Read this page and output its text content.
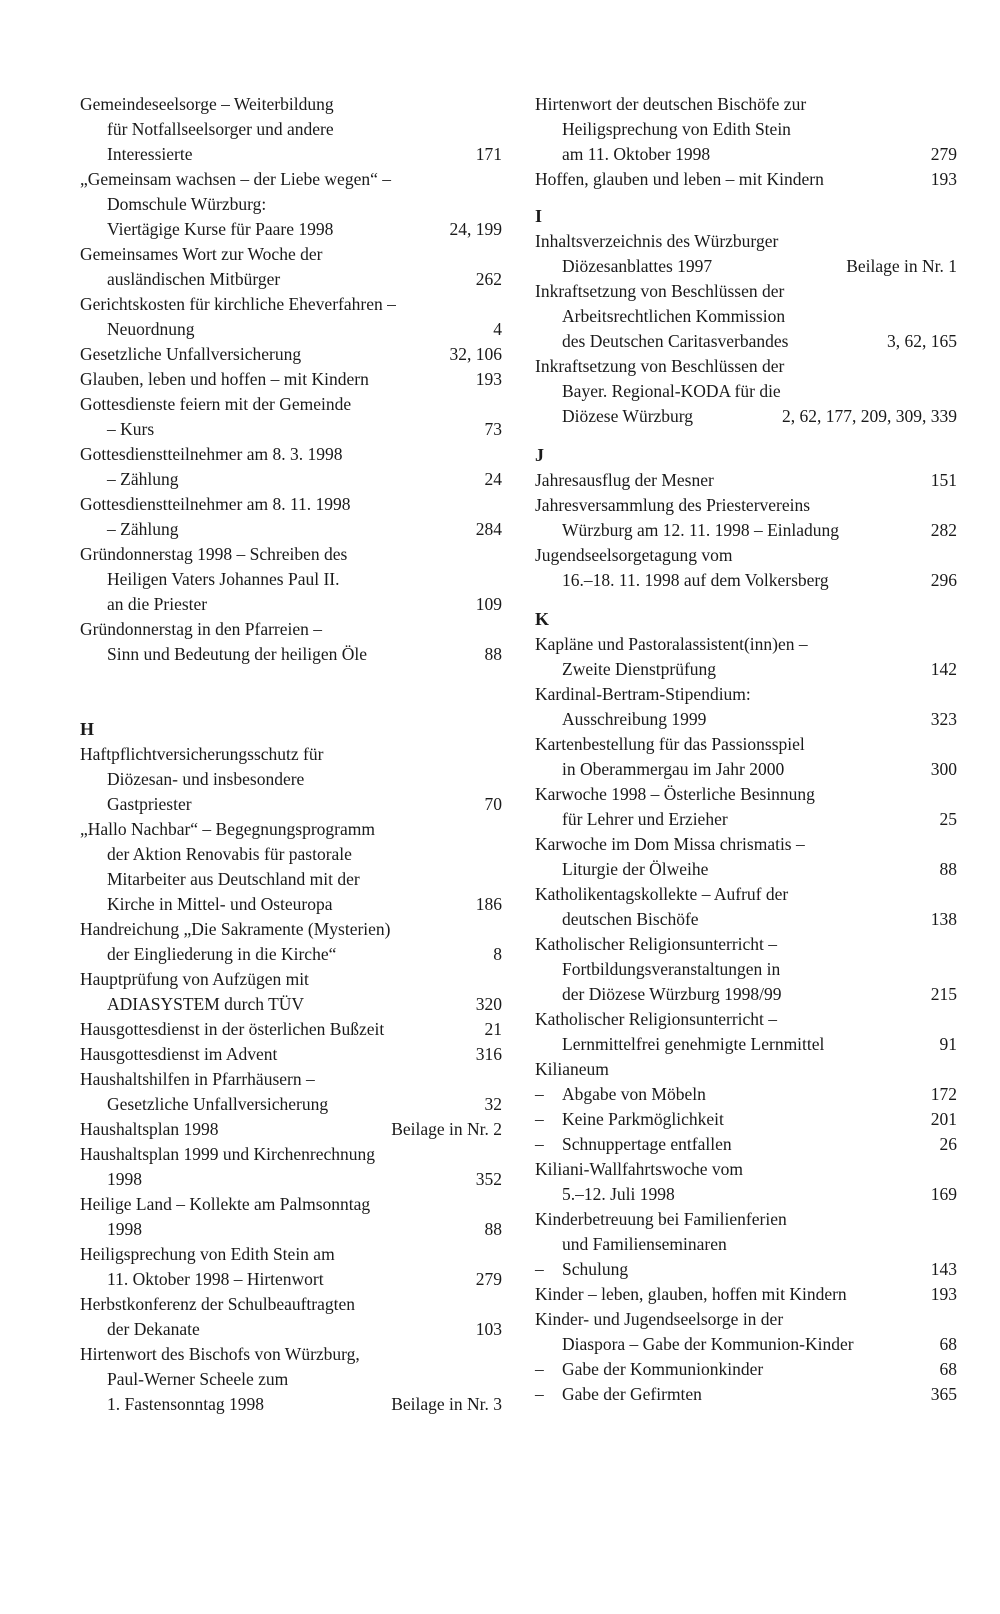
Gemeindeseelsorge – Weiterbildung
für Notfallseelsorger und andere
Interessierte	171
„Gemeinsam wachsen – der Liebe wegen“ –
Domschule Würzburg:
Viertägige Kurse für Paare 1998	24, 199
Gemeinsames Wort zur Woche der
ausländischen Mitbürger	262
Gerichtskosten für kirchliche Eheverfahren –
Neuordnung	4
Gesetzliche Unfallversicherung	32, 106
Glauben, leben und hoffen – mit Kindern	193
Gottesdienste feiern mit der Gemeinde
– Kurs	73
Gottesdienstteilnehmer am 8. 3. 1998
– Zählung	24
Gottesdienstteilnehmer am 8. 11. 1998
– Zählung	284
Gründonnerstag 1998 – Schreiben des
Heiligen Vaters Johannes Paul II.
an die Priester	109
Gründonnerstag in den Pfarreien –
Sinn und Bedeutung der heiligen Öle	88
H
Haftpflichtversicherungsschutz für
Diözesan- und insbesondere
Gastpriester	70
„Hallo Nachbar“ – Begegnungsprogramm
der Aktion Renovabis für pastorale
Mitarbeiter aus Deutschland mit der
Kirche in Mittel- und Osteuropa	186
Handreichung „Die Sakramente (Mysterien)
der Eingliederung in die Kirche“	8
Hauptprüfung von Aufzügen mit
ADIASYSTEM durch TÜV	320
Hausgottesdienst in der österlichen Bußzeit	21
Hausgottesdienst im Advent	316
Haushaltshilfen in Pfarrhäusern –
Gesetzliche Unfallversicherung	32
Haushaltsplan 1998	Beilage in Nr. 2
Haushaltsplan 1999 und Kirchenrechnung
1998	352
Heilige Land – Kollekte am Palmsonntag
1998	88
Heiligsprechung von Edith Stein am
11. Oktober 1998 – Hirtenwort	279
Herbstkonferenz der Schulbeauftragten
der Dekanate	103
Hirtenwort des Bischofs von Würzburg,
Paul-Werner Scheele zum
1. Fastensonntag 1998	Beilage in Nr. 3
Hirtenwort der deutschen Bischöfe zur
Heiligsprechung von Edith Stein
am 11. Oktober 1998	279
Hoffen, glauben und leben – mit Kindern	193
I
Inhaltsverzeichnis des Würzburger
Diözesanblattes 1997	Beilage in Nr. 1
Inkraftsetzung von Beschlüssen der
Arbeitsrechtlichen Kommission
des Deutschen Caritasverbandes	3, 62, 165
Inkraftsetzung von Beschlüssen der
Bayer. Regional-KODA für die
Diözese Würzburg	2, 62, 177, 209, 309, 339
J
Jahresausflug der Mesner	151
Jahresversammlung des Priestervereins
Würzburg am 12. 11. 1998 – Einladung	282
Jugendseelsorgetagung vom
16.–18. 11. 1998 auf dem Volkersberg	296
K
Kapläne und Pastoralassistent(inn)en –
Zweite Dienstprüfung	142
Kardinal-Bertram-Stipendium:
Ausschreibung 1999	323
Kartenbestellung für das Passionsspiel
in Oberammergau im Jahr 2000	300
Karwoche 1998 – Österliche Besinnung
für Lehrer und Erzieher	25
Karwoche im Dom Missa chrismatis –
Liturgie der Ölweihe	88
Katholikentagskollekte – Aufruf der
deutschen Bischöfe	138
Katholischer Religionsunterricht –
Fortbildungsveranstaltungen in
der Diözese Würzburg 1998/99	215
Katholischer Religionsunterricht –
Lernmittelfrei genehmigte Lernmittel	91
Kilianeum
– Abgabe von Möbeln	172
– Keine Parkmöglichkeit	201
– Schnuppertage entfallen	26
Kiliani-Wallfahrtswoche vom
5.–12. Juli 1998	169
Kinderbetreuung bei Familienferien
und Familienseminaren
– Schulung	143
Kinder – leben, glauben, hoffen mit Kindern	193
Kinder- und Jugendseelsorge in der
Diaspora – Gabe der Kommunion-Kinder	68
– Gabe der Kommunionkinder	68
– Gabe der Gefirmten	365
